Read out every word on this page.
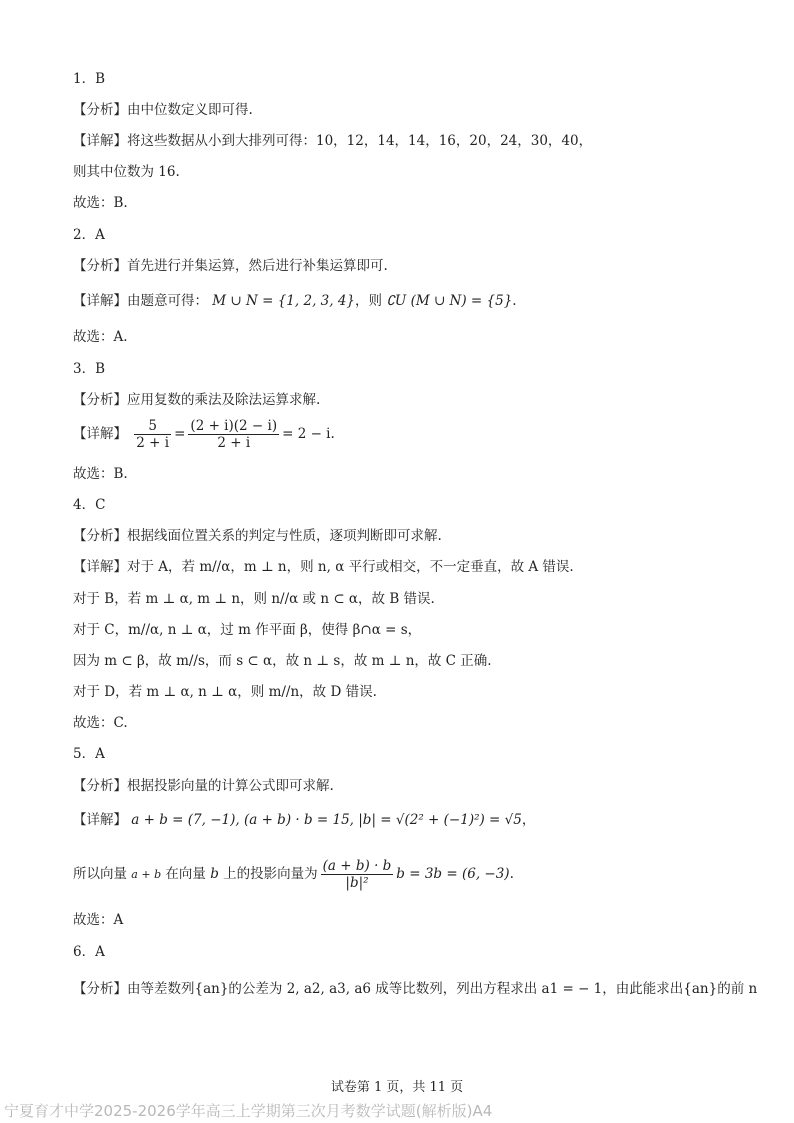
1．B
【分析】由中位数定义即可得.
【详解】将这些数据从小到大排列可得：10，12，14，14，16，20，24，30，40，
则其中位数为 16.
故选：B.
2．A
【分析】首先进行并集运算，然后进行补集运算即可.
【详解】由题意可得： M ∪ N = {1, 2, 3, 4}，则 ∁U (M ∪ N) = {5}.
故选：A.
3．B
【分析】应用复数的乘法及除法运算求解.
【详解】 $\frac{5}{2 + i} = \frac{(2 + i)(2 - i)}{2 + i} = 2 - i$.
故选：B.
4．C
【分析】根据线面位置关系的判定与性质，逐项判断即可求解.
【详解】对于 A，若 m//α，m ⊥ n，则 n, α 平行或相交，不一定垂直，故 A 错误.
对于 B，若 m ⊥ α, m ⊥ n，则 n//α 或 n ⊂ α，故 B 错误.
对于 C，m//α, n ⊥ α，过 m 作平面 β，使得 β∩α = s，
因为 m ⊂ β，故 m//s，而 s ⊂ α，故 n ⊥ s，故 m ⊥ n，故 C 正确.
对于 D，若 m ⊥ α, n ⊥ α，则 m//n，故 D 错误.
故选：C.
5．A
【分析】根据投影向量的计算公式即可求解.
【详解】 a + b = (7, −1), (a + b) · b = 15, |b| = √(2² + (−1)²) = √5，
所以向量 a + b 在向量 b 上的投影向量为 $\frac{(a + b) \cdot b}{\text{|b|²}}$ b = 3b = (6, −3).
故选：A
6．A
【分析】由等差数列{an}的公差为 2, a2, a3, a6 成等比数列，列出方程求出 a1 = − 1，由此能求出{an}的前 n
试卷第 1 页，共 11 页
宁夏育才中学2025-2026学年高三上学期第三次月考数学试题(解析版)A4
